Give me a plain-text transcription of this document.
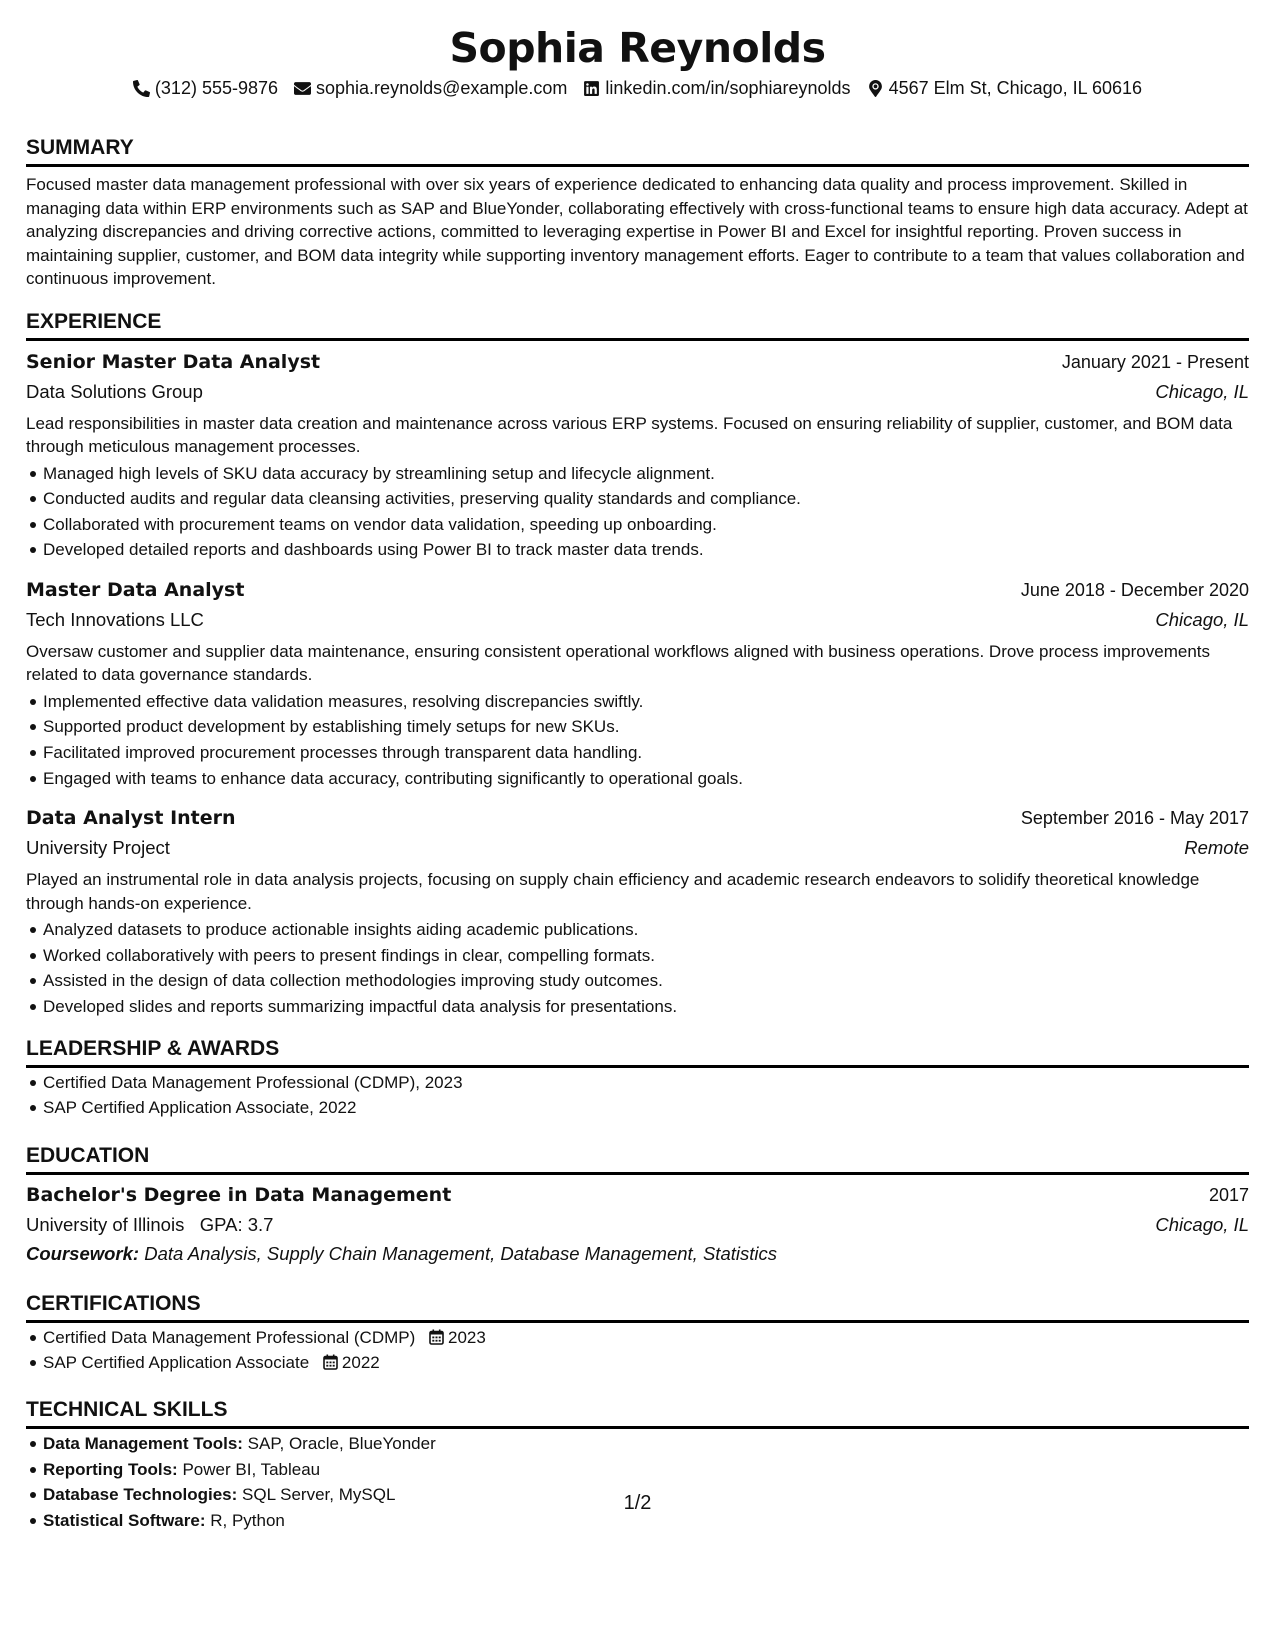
Sophia Reynolds
(312) 555-9876 sophia.reynolds@example.com linkedin.com/in/sophiareynolds 4567 Elm St, Chicago, IL 60616
SUMMARY

Focused master data management professional with over six years of experience dedicated to enhancing data quality and process improvement. Skilled in managing data within ERP environments such as SAP and BlueYonder, collaborating effectively with cross-functional teams to ensure high data accuracy. Adept at analyzing discrepancies and driving corrective actions, committed to leveraging expertise in Power BI and Excel for insightful reporting. Proven success in maintaining supplier, customer, and BOM data integrity while supporting inventory management efforts. Eager to contribute to a team that values collaboration and continuous improvement.

EXPERIENCE
Senior Master Data Analyst	January 2021 - Present
Data Solutions Group	Chicago, IL
Lead responsibilities in master data creation and maintenance across various ERP systems. Focused on ensuring reliability of supplier, customer, and BOM data through meticulous management processes.
Managed high levels of SKU data accuracy by streamlining setup and lifecycle alignment.
Conducted audits and regular data cleansing activities, preserving quality standards and compliance.
Collaborated with procurement teams on vendor data validation, speeding up onboarding.
Developed detailed reports and dashboards using Power BI to track master data trends.
Master Data Analyst	June 2018 - December 2020
Tech Innovations LLC	Chicago, IL
Oversaw customer and supplier data maintenance, ensuring consistent operational workflows aligned with business operations. Drove process improvements related to data governance standards.
Implemented effective data validation measures, resolving discrepancies swiftly.
Supported product development by establishing timely setups for new SKUs.
Facilitated improved procurement processes through transparent data handling.
Engaged with teams to enhance data accuracy, contributing significantly to operational goals.
Data Analyst Intern	September 2016 - May 2017
University Project	Remote
Played an instrumental role in data analysis projects, focusing on supply chain efficiency and academic research endeavors to solidify theoretical knowledge through hands-on experience.
Analyzed datasets to produce actionable insights aiding academic publications.
Worked collaboratively with peers to present findings in clear, compelling formats.
Assisted in the design of data collection methodologies improving study outcomes.
Developed slides and reports summarizing impactful data analysis for presentations.
LEADERSHIP & AWARDS
Certified Data Management Professional (CDMP), 2023
SAP Certified Application Associate, 2022
EDUCATION
Bachelor's Degree in Data Management	2017
University of Illinois GPA: 3.7	Chicago, IL
Coursework: Data Analysis, Supply Chain Management, Database Management, Statistics
CERTIFICATIONS
Certified Data Management Professional (CDMP) 2023
SAP Certified Application Associate 2022
TECHNICAL SKILLS
Data Management Tools: SAP, Oracle, BlueYonder
Reporting Tools: Power BI, Tableau
Database Technologies: SQL Server, MySQL
Statistical Software: R, Python
1/2
